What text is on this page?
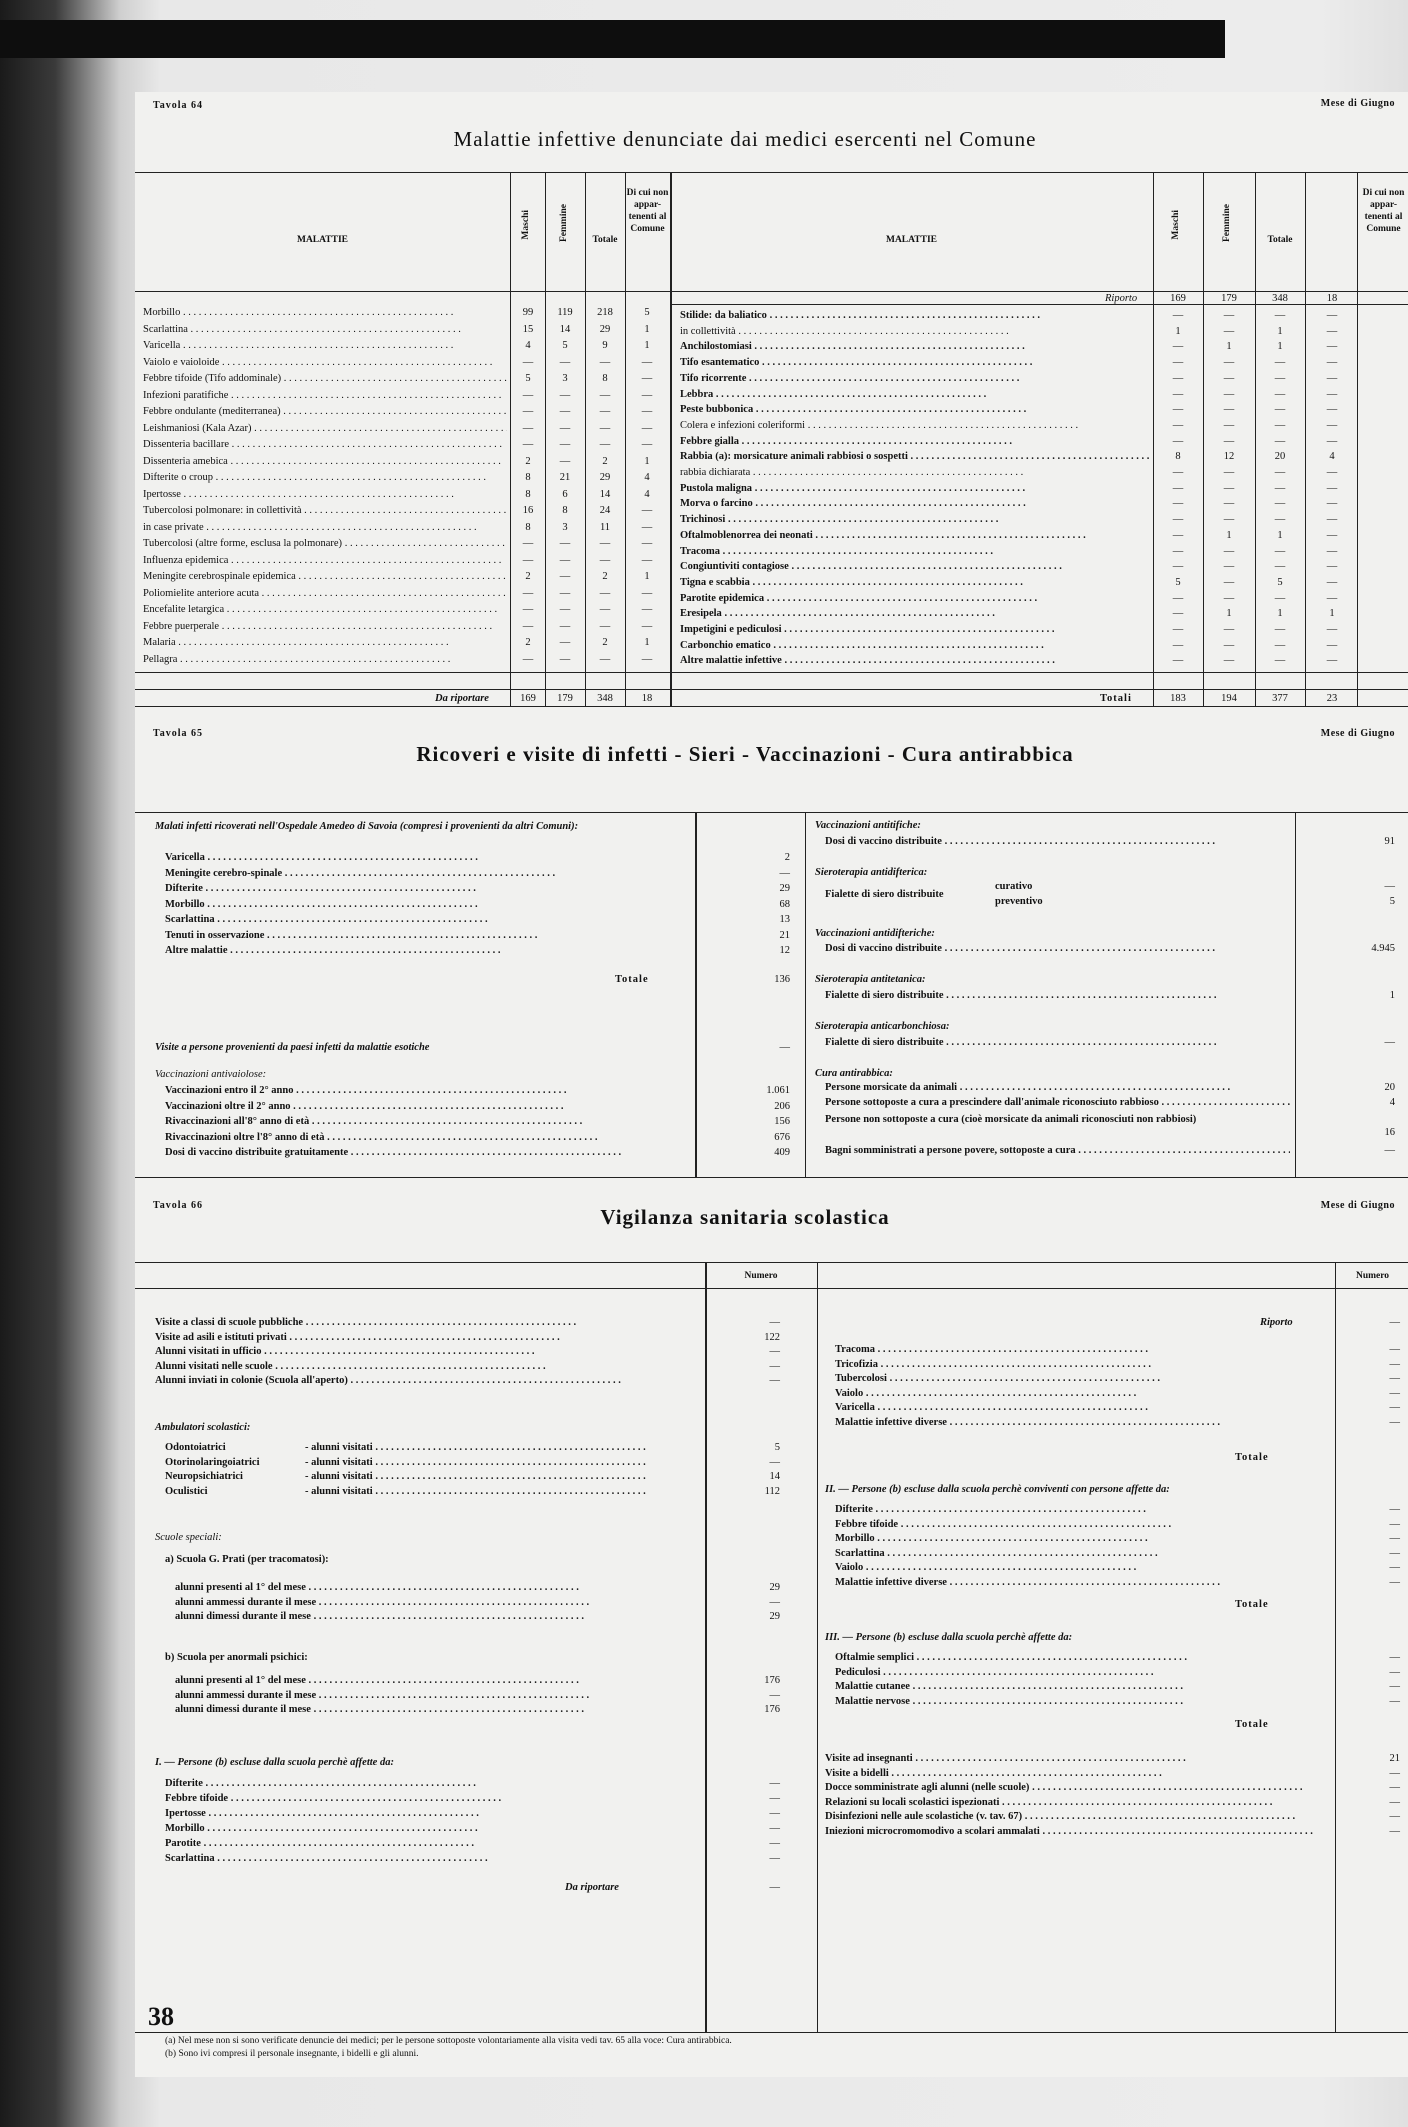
Tavola 64	Mese di Giugno
Malattie infettive denunciate dai medici esercenti nel Comune
MALATTIE
Maschi	Femmine	Totale
Di cui non appar- tenenti al Comune
MALATTIE
Maschi	Femmine	Totale
Di cui non appar- tenenti al Comune
Morbillo . . .	99	119	218	5
Scarlattina . . .	15	14	29	1
Varicella . . .	4	5	9	1
Vaiolo e vaioloide . . .	—	—	—	—
Febbre tifoide (Tifo addominale) . . .	5	3	8	—
Infezioni paratifiche . . .	—	—	—	—
Febbre ondulante (mediterranea) . . .	—	—	—	—
Leishmaniosi (Kala Azar) . . .	—	—	—	—
Dissenteria bacillare . . .	—	—	—	—
Dissenteria amebica . . .	2	—	2	1
Difterite o croup . . .	8	21	29	4
Ipertosse . . .	8	6	14	4
Tubercolosi polmonare: in collettività . . .	16	8	24	—
in case private . . .	8	3	11	—
Tubercolosi (altre forme, esclusa la polmonare) . . .	—	—	—	—
Influenza epidemica . . .	—	—	—	—
Meningite cerebrospinale epidemica . . .	2	—	2	1
Poliomielite anteriore acuta . . .	—	—	—	—
Encefalite letargica . . .	—	—	—	—
Febbre puerperale . . .	—	—	—	—
Malaria . . .	2	—	2	1
Pellagra . . .	—	—	—	—
Stilide: da baliatico . . .	—	—	—	—
in collettività . . .	1	—	1	—
Anchilostomiasi . . .	—	1	1	—
Tifo esantematico . . .	—	—	—	—
Tifo ricorrente . . .	—	—	—	—
Lebbra . . .	—	—	—	—
Peste bubbonica . . .	—	—	—	—
Colera e infezioni coleriformi . . .	—	—	—	—
Febbre gialla . . .	—	—	—	—
Rabbia (a): morsicature animali rabbiosi o sospetti . . .	8	12	20	4
rabbia dichiarata . . .	—	—	—	—
Pustola maligna . . .	—	—	—	—
Morva o farcino . . .	—	—	—	—
Trichinosi . . .	—	—	—	—
Oftalmoblenorrea dei neonati . . .	—	1	1	—
Tracoma . . .	—	—	—	—
Congiuntiviti contagiose . . .	—	—	—	—
Tigna e scabbia . . .	5	—	5	—
Parotite epidemica . . .	—	—	—	—
Eresipela . . .	—	1	1	1
Impetigini e pediculosi . . .	—	—	—	—
Carbonchio ematico . . .	—	—	—	—
Altre malattie infettive . . .	—	—	—	—
Da riportare	169	179	348	18
Riporto	169	179	348	18
Totali	183	194	377	23
Tavola 65	Mese di Giugno
Ricoveri e visite di infetti - Sieri - Vaccinazioni - Cura antirabbica
Malati infetti ricoverati nell'Ospedale Amedeo di Savoia (compresi i provenienti da altri Comuni):
Varicella . . .	2
Meningite cerebro-spinale . . .	—
Difterite . . .	29
Morbillo . . .	68
Scarlattina . . .	13
Tenuti in osservazione . . .	21
Altre malattie . . .	12
Totale	136
Visite a persone provenienti da paesi infetti da malattie esotiche	—
Vaccinazioni antivaiolose:
Vaccinazioni entro il 2° anno . . .	1.061
Vaccinazioni oltre il 2° anno . . .	206
Rivaccinazioni all'8° anno di età . . .	156
Rivaccinazioni oltre l'8° anno di età . . .	676
Dosi di vaccino distribuite gratuitamente . . .	409
Vaccinazioni antitifiche:
Dosi di vaccino distribuite . . .	91
Sieroterapia antidifterica:
Fialette di siero distribuite
curativo	—
preventivo	5
Vaccinazioni antidifteriche:
Dosi di vaccino distribuite . . .	4.945
Sieroterapia antitetanica:
Fialette di siero distribuite . . .	1
Sieroterapia anticarbonchiosa:
Fialette di siero distribuite . . .	—
Cura antirabbica:
Persone morsicate da animali . . .	20
Persone sottoposte a cura a prescindere dall'animale riconosciuto rabbioso . . .	4
Persone non sottoposte a cura (cioè morsicate da animali riconosciuti non rabbiosi)
16
Bagni somministrati a persone povere, sottoposte a cura . . .	—
Tavola 66	Mese di Giugno
Vigilanza sanitaria scolastica
Numero	Numero
Visite a classi di scuole pubbliche . . .	—
Visite ad asili e istituti privati . . .	122
Alunni visitati in ufficio . . .	—
Alunni visitati nelle scuole . . .	—
Alunni inviati in colonie (Scuola all'aperto) . . .	—
Ambulatori scolastici:
Odontoiatrici	- alunni visitati . . .	5
Otorinolaringoiatrici	- alunni visitati . . .	—
Neuropsichiatrici	- alunni visitati . . .	14
Oculistici	- alunni visitati . . .	112
Scuole speciali:
a) Scuola G. Prati (per tracomatosi):
alunni presenti al 1° del mese . . .	29
alunni ammessi durante il mese . . .	—
alunni dimessi durante il mese . . .	29
b) Scuola per anormali psichici:
alunni presenti al 1° del mese . . .	176
alunni ammessi durante il mese . . .	—
alunni dimessi durante il mese . . .	176
I. — Persone (b) escluse dalla scuola perchè affette da:
Difterite . . .	—
Febbre tifoide . . .	—
Ipertosse . . .	—
Morbillo . . .	—
Parotite . . .	—
Scarlattina . . .	—
Da riportare	—
Riporto	—
Tracoma . . .	—
Tricofizia . . .	—
Tubercolosi . . .	—
Vaiolo . . .	—
Varicella . . .	—
Malattie infettive diverse . . .	—
Totale
II. — Persone (b) escluse dalla scuola perchè conviventi con persone affette da:
Difterite . . .	—
Febbre tifoide . . .	—
Morbillo . . .	—
Scarlattina . . .	—
Vaiolo . . .	—
Malattie infettive diverse . . .	—
Totale
III. — Persone (b) escluse dalla scuola perchè affette da:
Oftalmie semplici . . .	—
Pediculosi . . .	—
Malattie cutanee . . .	—
Malattie nervose . . .	—
Totale
Visite ad insegnanti . . .	21
Visite a bidelli . . .	—
Docce somministrate agli alunni (nelle scuole) . . .	—
Relazioni su locali scolastici ispezionati . . .	—
Disinfezioni nelle aule scolastiche (v. tav. 67) . . .	—
Iniezioni microcromomodivo a scolari ammalati . . .	—
(a) Nel mese non si sono verificate denuncie dei medici; per le persone sottoposte volontariamente alla visita vedi tav. 65 alla voce: Cura antirabbica.
(b) Sono ivi compresi il personale insegnante, i bidelli e gli alunni.
38
